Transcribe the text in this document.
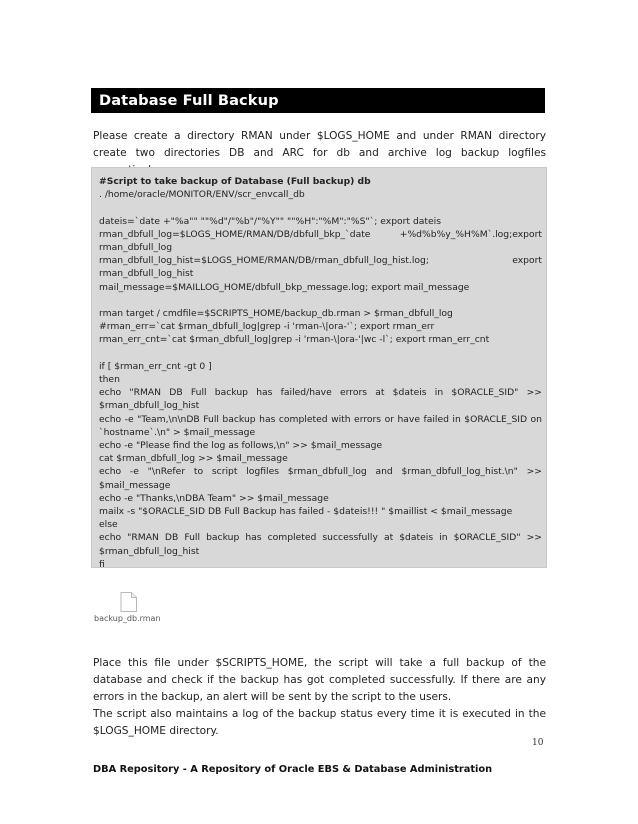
Database Full Backup
Please create a directory RMAN under $LOGS_HOME and under RMAN directory create two directories DB and ARC for db and archive log backup logfiles
#Script to take backup of Database (Full backup) db
. /home/oracle/MONITOR/ENV/scr_envcall_db
dateis=`date +"%a"" ""%d"/"%b"/"%Y"" ""%H":"%M":"%S"`; export dateis
rman_dbfull_log=$LOGS_HOME/RMAN/DB/dbfull_bkp_`date +%d%b%y_%H%M`.log;export
rman_dbfull_log
rman_dbfull_log_hist=$LOGS_HOME/RMAN/DB/rman_dbfull_log_hist.log; export
rman_dbfull_log_hist
mail_message=$MAILLOG_HOME/dbfull_bkp_message.log; export mail_message
rman target / cmdfile=$SCRIPTS_HOME/backup_db.rman > $rman_dbfull_log
#rman_err=`cat $rman_dbfull_log|grep -i 'rman-\|ora-'`; export rman_err
rman_err_cnt=`cat $rman_dbfull_log|grep -i 'rman-\|ora-'|wc -l`; export rman_err_cnt
if [ $rman_err_cnt -gt 0 ]
then
echo "RMAN DB Full backup has failed/have errors at $dateis in $ORACLE_SID" >>
$rman_dbfull_log_hist
echo -e "Team,\n\nDB Full backup has completed with errors or have failed in $ORACLE_SID on
`hostname`.\n" > $mail_message
echo -e "Please find the log as follows,\n" >> $mail_message
cat $rman_dbfull_log >> $mail_message
echo -e "\nRefer to script logfiles $rman_dbfull_log and $rman_dbfull_log_hist.\n" >>
$mail_message
echo -e "Thanks,\nDBA Team" >> $mail_message
mailx -s "$ORACLE_SID DB Full Backup has failed - $dateis!!! " $maillist < $mail_message
else
echo "RMAN DB Full backup has completed successfully at $dateis in $ORACLE_SID" >>
$rman_dbfull_log_hist
fi
backup_db.rman
Place this file under $SCRIPTS_HOME, the script will take a full backup of the database and check if the backup has got completed successfully. If there are any errors in the backup, an alert will be sent by the script to the users.
The script also maintains a log of the backup status every time it is executed in the $LOGS_HOME directory.
10
DBA Repository - A Repository of Oracle EBS & Database Administration
